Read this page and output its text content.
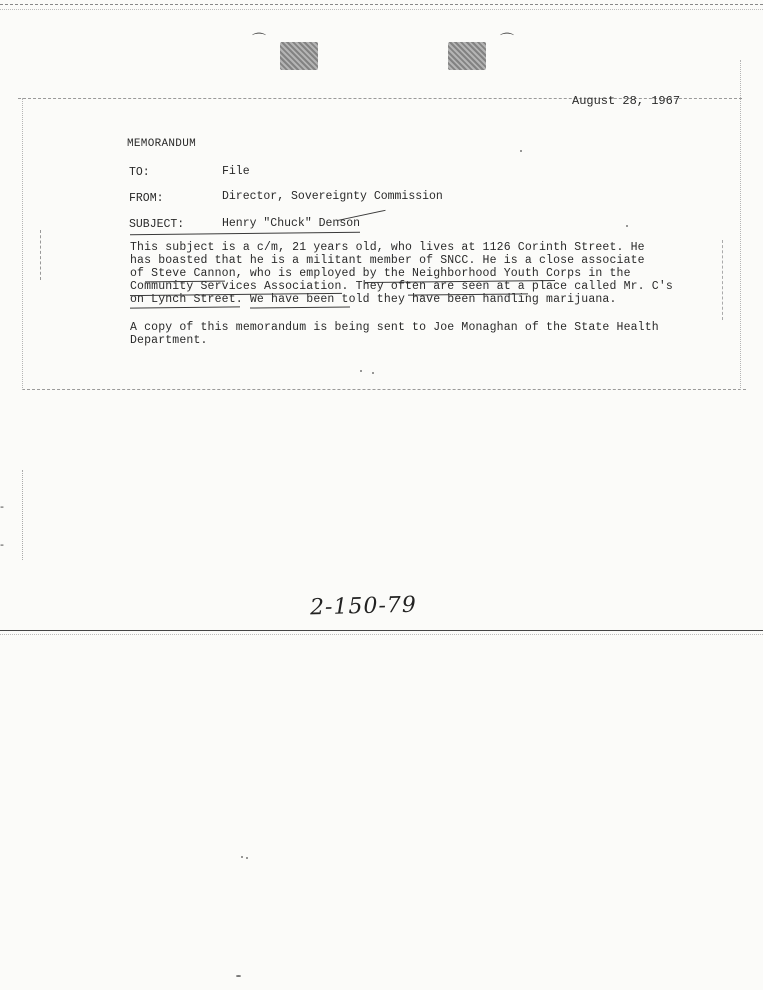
⌒	⌒
August 28, 1967
MEMORANDUM
TO:	File
FROM:	Director, Sovereignty Commission
SUBJECT:	Henry "Chuck" Denson
This subject is a c/m, 21 years old, who lives at 1126 Corinth Street. He
has boasted that he is a militant member of SNCC. He is a close associate
of Steve Cannon, who is employed by the Neighborhood Youth Corps in the
Community Services Association. They often are seen at a place called Mr. C's
on Lynch Street. We have been told they have been handling marijuana.
A copy of this memorandum is being sent to Joe Monaghan of the State Health
Department.
-
-
2-150-79
